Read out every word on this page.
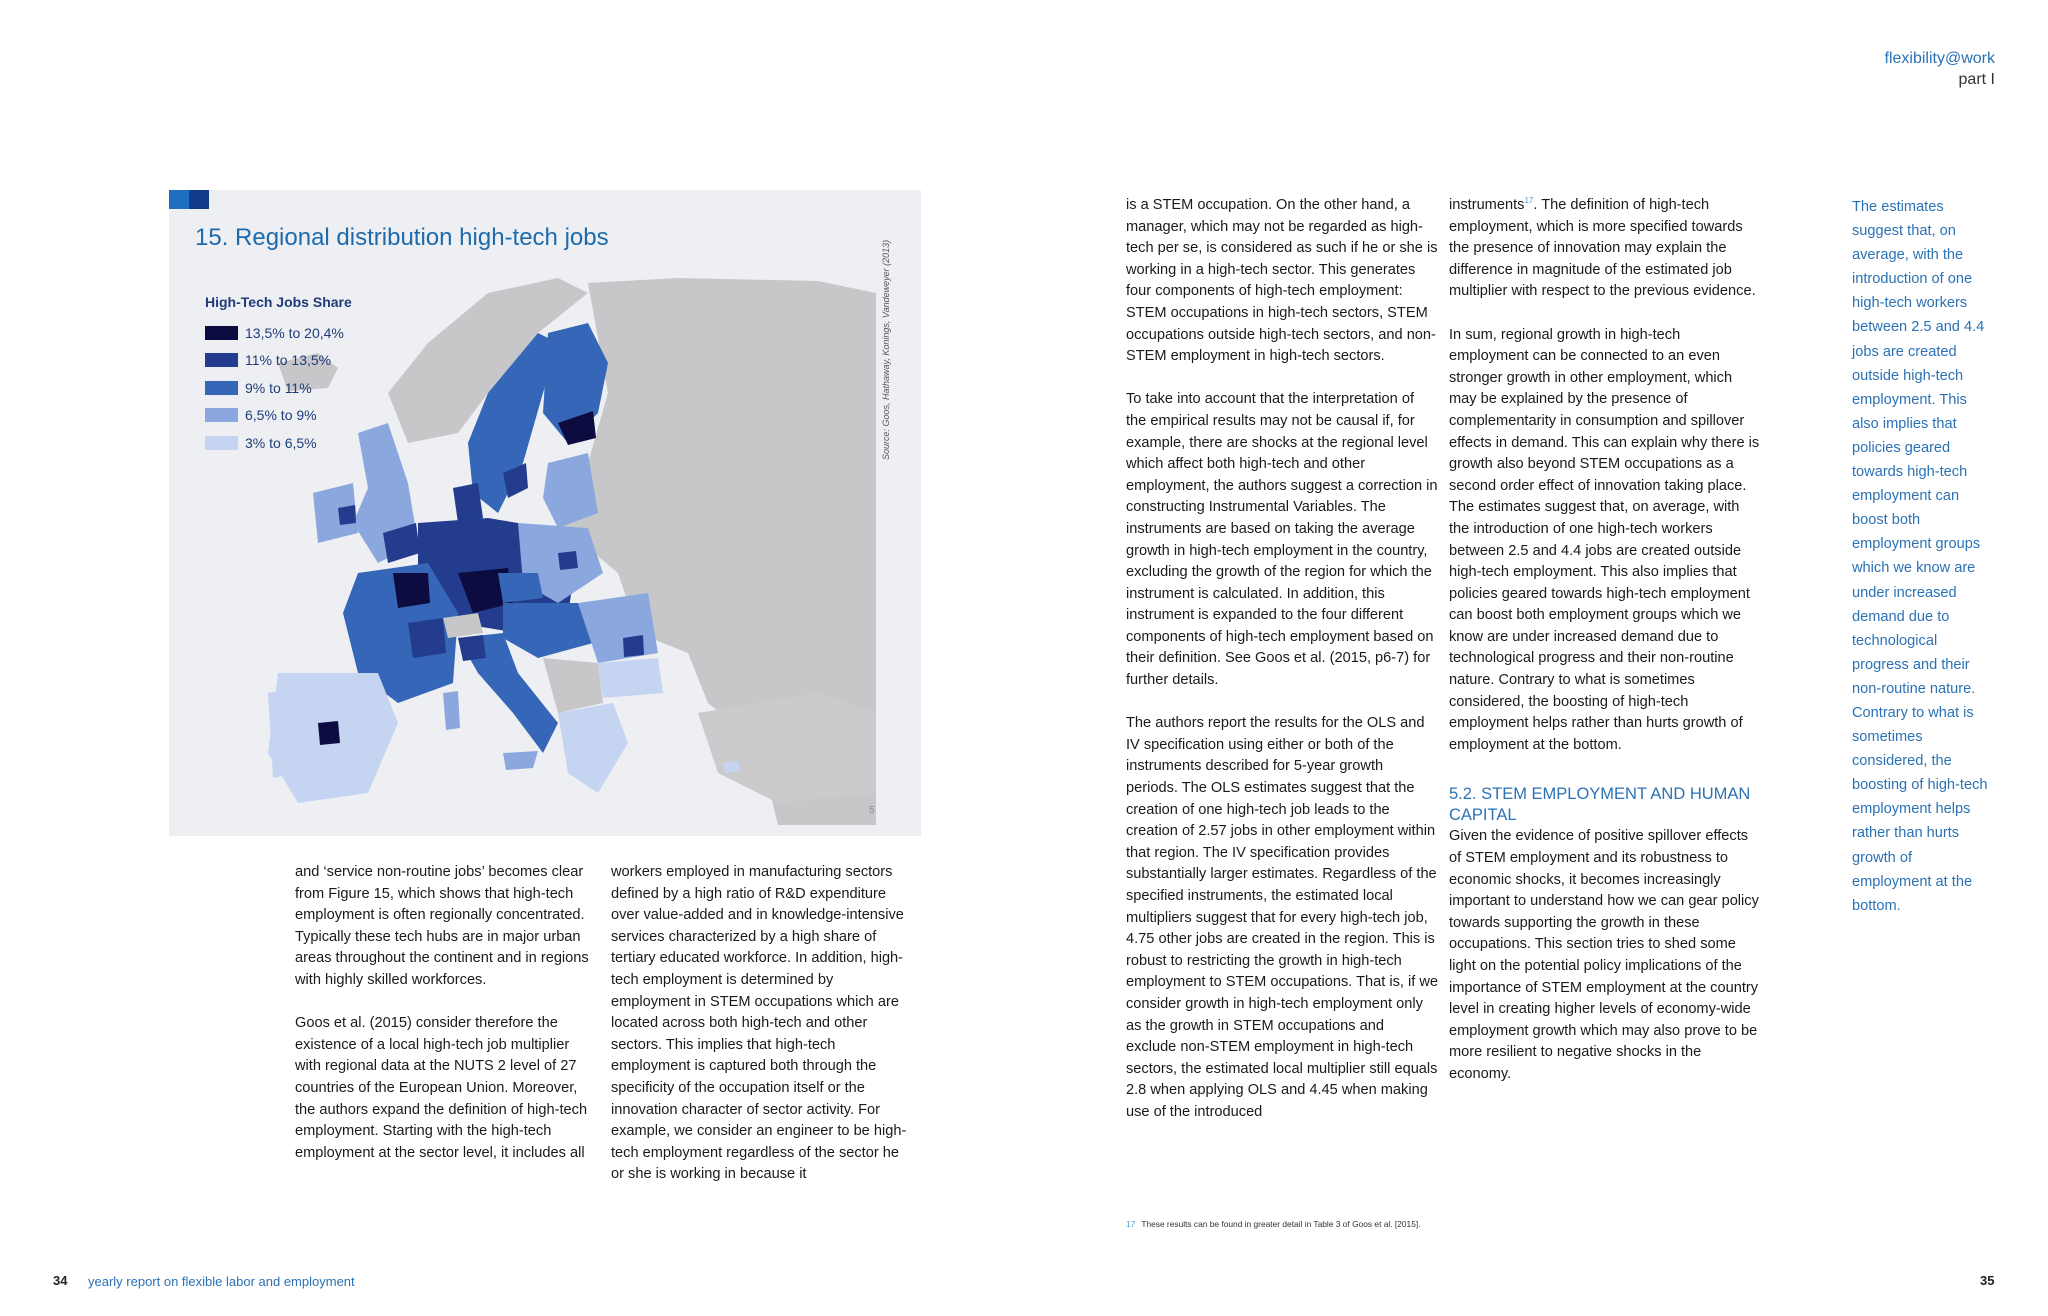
flexibility@work
part I
15. Regional distribution high-tech jobs
High-Tech Jobs Share
13,5% to 20,4%
11% to 13,5%
9% to 11%
6,5% to 9%
3% to 6,5%	Source: Goos, Hathaway, Konings, Vandeweyer (2013)
5

and ‘service non-routine jobs’ becomes clear from Figure 15, which shows that high-tech employment is often regionally concentrated. Typically these tech hubs are in major urban areas throughout the continent and in regions with highly skilled workforces.

Goos et al. (2015) consider therefore the existence of a local high-tech job multiplier with regional data at the NUTS 2 level of 27 countries of the European Union. Moreover, the authors expand the definition of high-tech employment. Starting with the high-tech employment at the sector level, it includes all

workers employed in manufacturing sectors defined by a high ratio of R&D expenditure over value-added and in knowledge-intensive services characterized by a high share of tertiary educated workforce. In addition, high-tech employment is determined by employment in STEM occupations which are located across both high-tech and other sectors. This implies that high-tech employment is captured both through the specificity of the occupation itself or the innovation character of sector activity. For example, we consider an engineer to be high-tech employment regardless of the sector he or she is working in because it

is a STEM occupation. On the other hand, a manager, which may not be regarded as high-tech per se, is considered as such if he or she is working in a high-tech sector. This generates four components of high-tech employment: STEM occupations in high-tech sectors, STEM occupations outside high-tech sectors, and non-STEM employment in high-tech sectors.

To take into account that the interpretation of the empirical results may not be causal if, for example, there are shocks at the regional level which affect both high-tech and other employment, the authors suggest a correction in constructing Instrumental Variables. The instruments are based on taking the average growth in high-tech employment in the country, excluding the growth of the region for which the instrument is calculated. In addition, this instrument is expanded to the four different components of high-tech employment based on their definition. See Goos et al. (2015, p6-7) for further details.

The authors report the results for the OLS and IV specification using either or both of the instruments described for 5-year growth periods. The OLS estimates suggest that the creation of one high-tech job leads to the creation of 2.57 jobs in other employment within that region. The IV specification provides substantially larger estimates. Regardless of the specified instruments, the estimated local multipliers suggest that for every high-tech job, 4.75 other jobs are created in the region. This is robust to restricting the growth in high-tech employment to STEM occupations. That is, if we consider growth in high-tech employment only as the growth in STEM occupations and exclude non-STEM employment in high-tech sectors, the estimated local multiplier still equals 2.8 when applying OLS and 4.45 when making use of the introduced

instruments$^{17}$. The definition of high-tech employment, which is more specified towards the presence of innovation may explain the difference in magnitude of the estimated job multiplier with respect to the previous evidence.

In sum, regional growth in high-tech employment can be connected to an even stronger growth in other employment, which may be explained by the presence of complementarity in consumption and spillover effects in demand. This can explain why there is growth also beyond STEM occupations as a second order effect of innovation taking place. The estimates suggest that, on average, with the introduction of one high-tech workers between 2.5 and 4.4 jobs are created outside high-tech employment. This also implies that policies geared towards high-tech employment can boost both employment groups which we know are under increased demand due to technological progress and their non-routine nature. Contrary to what is sometimes considered, the boosting of high-tech employment helps rather than hurts growth of employment at the bottom.

5.2. STEM EMPLOYMENT AND HUMAN CAPITAL

Given the evidence of positive spillover effects of STEM employment and its robustness to economic shocks, it becomes increasingly important to understand how we can gear policy towards supporting the growth in these occupations. This section tries to shed some light on the potential policy implications of the importance of STEM employment at the country level in creating higher levels of economy-wide employment growth which may also prove to be more resilient to negative shocks in the economy.

The estimates suggest that, on average, with the introduction of one high-tech workers between 2.5 and 4.4 jobs are created outside high-tech employment. This also implies that policies geared towards high-tech employment can boost both employment groups which we know are under increased demand due to technological progress and their non-routine nature. Contrary to what is sometimes considered, the boosting of high-tech employment helps rather than hurts growth of employment at the bottom.
17 These results can be found in greater detail in Table 3 of Goos et al. [2015].
34 yearly report on flexible labor and employment	35
